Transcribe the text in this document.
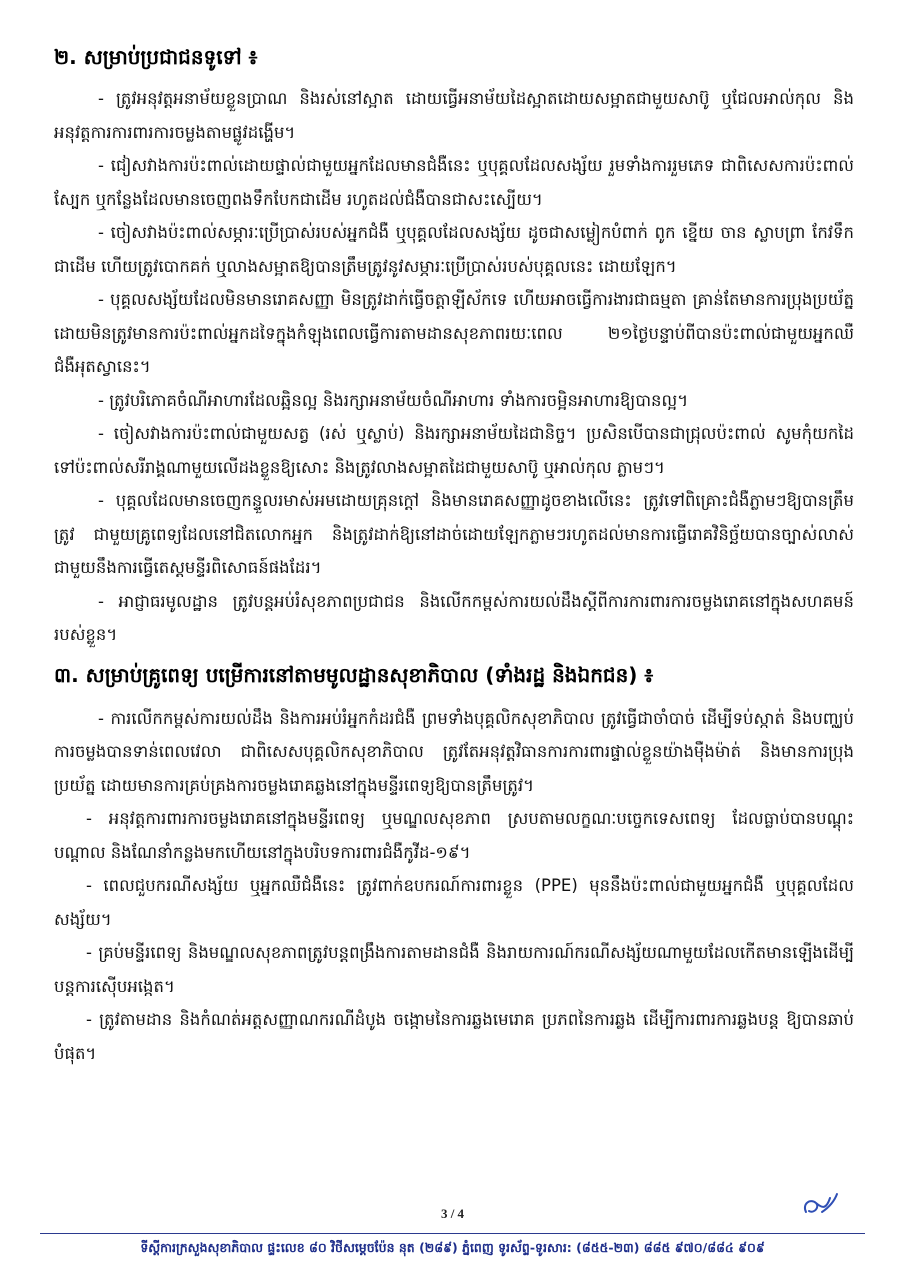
២. សម្រាប់ប្រជាជនទូទៅ ៖

- ត្រូវអនុវត្តអនាម័យខ្លួនប្រាណ និងរស់នៅស្អាត ដោយធ្វើអនាម័យដៃស្អាតដោយសម្អាតជាមួយសាប៊ូ ឬជែលអាល់កុល និងអនុវត្តការការពារការចម្លងតាមផ្លូវដង្ហើម។

- ជៀសវាងការប៉ះពាល់ដោយផ្ទាល់ជាមួយអ្នកដែលមានជំងឺនេះ ឬបុគ្គលដែលសង្ស័យ រួមទាំងការរួមភេទ ជាពិសេសការប៉ះពាល់ស្បែក ឬកន្លែងដែលមានចេញពងទឹកបែកជាដើម រហូតដល់ជំងឺបានជាសះស្បើយ។

- ចៀសវាងប៉ះពាល់សម្ភារៈប្រើប្រាស់របស់អ្នកជំងឺ ឬបុគ្គលដែលសង្ស័យ ដូចជាសម្លៀកបំពាក់ ពូក ខ្នើយ ចាន ស្លាបព្រា កែវទឹក ជាដើម ហើយត្រូវបោកគក់ ឬលាងសម្អាតឱ្យបានត្រឹមត្រូវនូវសម្ភារៈប្រើប្រាស់របស់បុគ្គលនេះ ដោយឡែក។

- បុគ្គលសង្ស័យដែលមិនមានរោគសញ្ញា មិនត្រូវដាក់ធ្វើចត្តាឡីស័កទេ ហើយអាចធ្វើការងារជាធម្មតា គ្រាន់តែមានការប្រុងប្រយ័ត្ន ដោយមិនត្រូវមានការប៉ះពាល់អ្នកដទៃក្នុងកំឡុងពេលធ្វើការតាមដានសុខភាពរយៈពេល ២១ថ្ងៃបន្ទាប់ពីបានប៉ះពាល់ជាមួយអ្នកឈឺជំងឺអុតស្វានេះ។

- ត្រូវបរិភោគចំណីអាហារដែលឆ្អិនល្អ និងរក្សាអនាម័យចំណីអាហារ ទាំងការចម្អិនអាហារឱ្យបានល្អ។

- ចៀសវាងការប៉ះពាល់ជាមួយសត្វ (រស់ ឬស្លាប់) និងរក្សាអនាម័យដៃជានិច្ច។ ប្រសិនបើបានជាជ្រុលប៉ះពាល់ សូមកុំយកដៃទៅប៉ះពាល់សរីរាង្គណាមួយលើដងខ្លួនឱ្យសោះ និងត្រូវលាងសម្អាតដៃជាមួយសាប៊ូ ឬអាល់កុល ភ្លាមៗ។

- បុគ្គលដែលមានចេញកន្ទួលរមាស់អមដោយគ្រុនក្តៅ និងមានរោគសញ្ញាដូចខាងលើនេះ ត្រូវទៅពិគ្រោះជំងឺភ្លាមៗឱ្យបានត្រឹមត្រូវ ជាមួយគ្រូពេទ្យដែលនៅជិតលោកអ្នក និងត្រូវដាក់ឱ្យនៅដាច់ដោយឡែកភ្លាមៗរហូតដល់មានការធ្វើរោគវិនិច្ឆ័យបានច្បាស់លាស់ ជាមួយនឹងការធ្វើតេស្តមន្ទីរពិសោធន៍ផងដែរ។

- អាជ្ញាធរមូលដ្ឋាន ត្រូវបន្តអប់រំសុខភាពប្រជាជន និងលើកកម្ពស់ការយល់ដឹងស្តីពីការការពារការចម្លងរោគនៅក្នុងសហគមន៍របស់ខ្លួន។

៣. សម្រាប់គ្រូពេទ្យ បម្រើការនៅតាមមូលដ្ឋានសុខាភិបាល (ទាំងរដ្ឋ និងឯកជន) ៖

- ការលើកកម្ពស់ការយល់ដឹង និងការអប់រំអ្នកកំដរជំងឺ ព្រមទាំងបុគ្គលិកសុខាភិបាល ត្រូវធ្វើជាចាំបាច់ ដើម្បីទប់ស្កាត់ និងបញ្ឈប់ការចម្លងបានទាន់ពេលវេលា ជាពិសេសបុគ្គលិកសុខាភិបាល ត្រូវតែអនុវត្តវិធានការការពារផ្ទាល់ខ្លួនយ៉ាងម៉ឺងម៉ាត់ និងមានការប្រុងប្រយ័ត្ន ដោយមានការគ្រប់គ្រងការចម្លងរោគឆ្លងនៅក្នុងមន្ទីរពេទ្យឱ្យបានត្រឹមត្រូវ។

- អនុវត្តការពារការចម្លងរោគនៅក្នុងមន្ទីរពេទ្យ ឬមណ្ឌលសុខភាព ស្របតាមលក្ខណៈបច្ចេកទេសពេទ្យ ដែលធ្លាប់បានបណ្តុះបណ្តាល និងណែនាំកន្លងមកហើយនៅក្នុងបរិបទការពារជំងឺកូវីដ-១៩។

- ពេលជួបករណីសង្ស័យ ឬអ្នកឈឺជំងឺនេះ ត្រូវពាក់ឧបករណ៍ការពារខ្លួន (PPE) មុននឹងប៉ះពាល់ជាមួយអ្នកជំងឺ ឬបុគ្គលដែលសង្ស័យ។

- គ្រប់មន្ទីរពេទ្យ និងមណ្ឌលសុខភាពត្រូវបន្តពង្រឹងការតាមដានជំងឺ និងរាយការណ៍ករណីសង្ស័យណាមួយដែលកើតមានឡើងដើម្បីបន្តការស៊ើបអង្កេត។

- ត្រូវតាមដាន និងកំណត់អត្តសញ្ញាណករណីដំបូង ចង្កោមនៃការឆ្លងមេរោគ ប្រភពនៃការឆ្លង ដើម្បីការពារការឆ្លងបន្ត ឱ្យបានឆាប់បំផុត។

3 / 4
ទីស្តីការក្រសួងសុខាភិបាល ផ្ទះលេខ ៨០ វិថីសម្តេចប៉ែន នុត (២៨៩) ភ្នំពេញ ទូរស័ព្ទ-ទូរសារ: (៨៥៥-២៣) ៨៨៥ ៩៧០/៨៨៤ ៩០៩
